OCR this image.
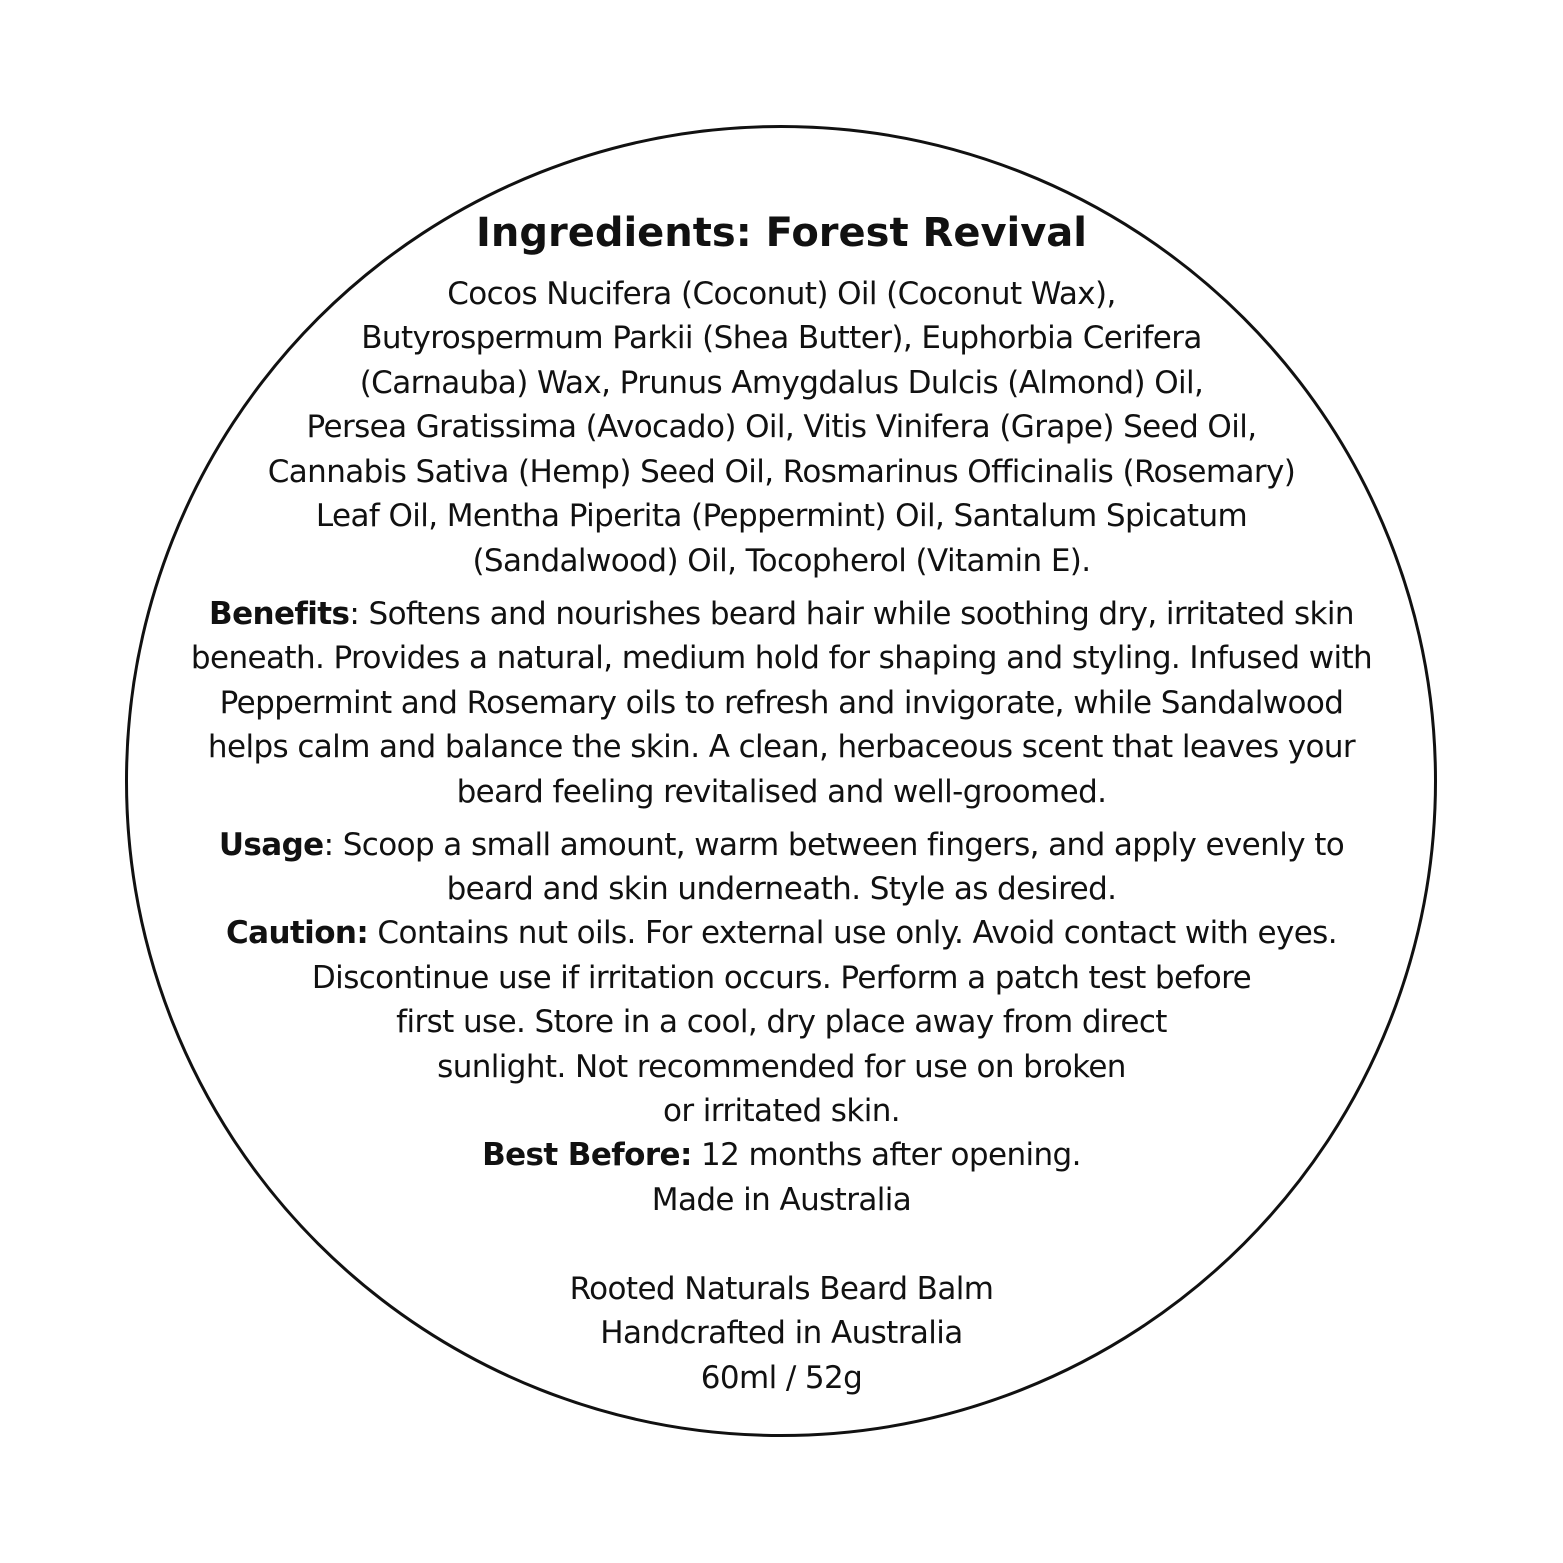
Ingredients: Forest Revival
Cocos Nucifera (Coconut) Oil (Coconut Wax),
Butyrospermum Parkii (Shea Butter), Euphorbia Cerifera
(Carnauba) Wax, Prunus Amygdalus Dulcis (Almond) Oil,
Persea Gratissima (Avocado) Oil, Vitis Vinifera (Grape) Seed Oil,
Cannabis Sativa (Hemp) Seed Oil, Rosmarinus Officinalis (Rosemary)
Leaf Oil, Mentha Piperita (Peppermint) Oil, Santalum Spicatum
(Sandalwood) Oil, Tocopherol (Vitamin E).
Benefits: Softens and nourishes beard hair while soothing dry, irritated skin
beneath. Provides a natural, medium hold for shaping and styling. Infused with
Peppermint and Rosemary oils to refresh and invigorate, while Sandalwood
helps calm and balance the skin. A clean, herbaceous scent that leaves your
beard feeling revitalised and well-groomed.
Usage: Scoop a small amount, warm between fingers, and apply evenly to
beard and skin underneath. Style as desired.
Caution: Contains nut oils. For external use only. Avoid contact with eyes.
Discontinue use if irritation occurs. Perform a patch test before
first use. Store in a cool, dry place away from direct
sunlight. Not recommended for use on broken
or irritated skin.
Best Before: 12 months after opening.
Made in Australia
Rooted Naturals Beard Balm
Handcrafted in Australia
60ml / 52g
